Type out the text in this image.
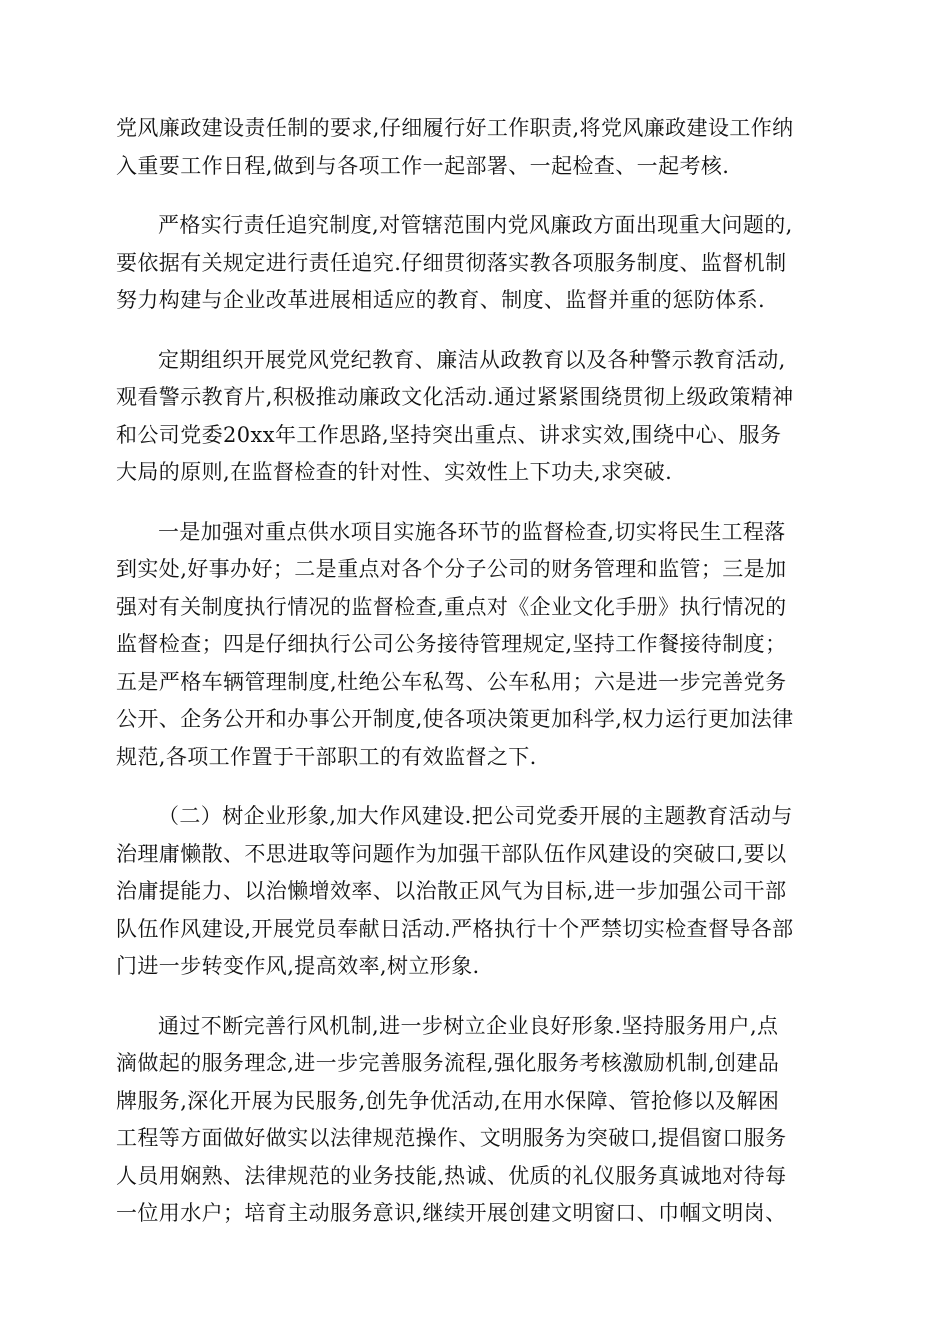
党风廉政建设责任制的要求,仔细履行好工作职责,将党风廉政建设工作纳
入重要工作日程,做到与各项工作一起部署、一起检查、一起考核.

严格实行责任追究制度,对管辖范围内党风廉政方面出现重大问题的,
要依据有关规定进行责任追究.仔细贯彻落实教各项服务制度、监督机制
努力构建与企业改革进展相适应的教育、制度、监督并重的惩防体系.

定期组织开展党风党纪教育、廉洁从政教育以及各种警示教育活动,
观看警示教育片,积极推动廉政文化活动.通过紧紧围绕贯彻上级政策精神
和公司党委20xx年工作思路,坚持突出重点、讲求实效,围绕中心、服务
大局的原则,在监督检查的针对性、实效性上下功夫,求突破.

一是加强对重点供水项目实施各环节的监督检查,切实将民生工程落
到实处,好事办好；二是重点对各个分子公司的财务管理和监管；三是加
强对有关制度执行情况的监督检查,重点对《企业文化手册》执行情况的
监督检查；四是仔细执行公司公务接待管理规定,坚持工作餐接待制度；
五是严格车辆管理制度,杜绝公车私驾、公车私用；六是进一步完善党务
公开、企务公开和办事公开制度,使各项决策更加科学,权力运行更加法律
规范,各项工作置于干部职工的有效监督之下.

（二）树企业形象,加大作风建设.把公司党委开展的主题教育活动与
治理庸懒散、不思进取等问题作为加强干部队伍作风建设的突破口,要以
治庸提能力、以治懒增效率、以治散正风气为目标,进一步加强公司干部
队伍作风建设,开展党员奉献日活动.严格执行十个严禁切实检查督导各部
门进一步转变作风,提高效率,树立形象.

通过不断完善行风机制,进一步树立企业良好形象.坚持服务用户,点
滴做起的服务理念,进一步完善服务流程,强化服务考核激励机制,创建品
牌服务,深化开展为民服务,创先争优活动,在用水保障、管抢修以及解困
工程等方面做好做实以法律规范操作、文明服务为突破口,提倡窗口服务
人员用娴熟、法律规范的业务技能,热诚、优质的礼仪服务真诚地对待每
一位用水户；培育主动服务意识,继续开展创建文明窗口、巾帼文明岗、
